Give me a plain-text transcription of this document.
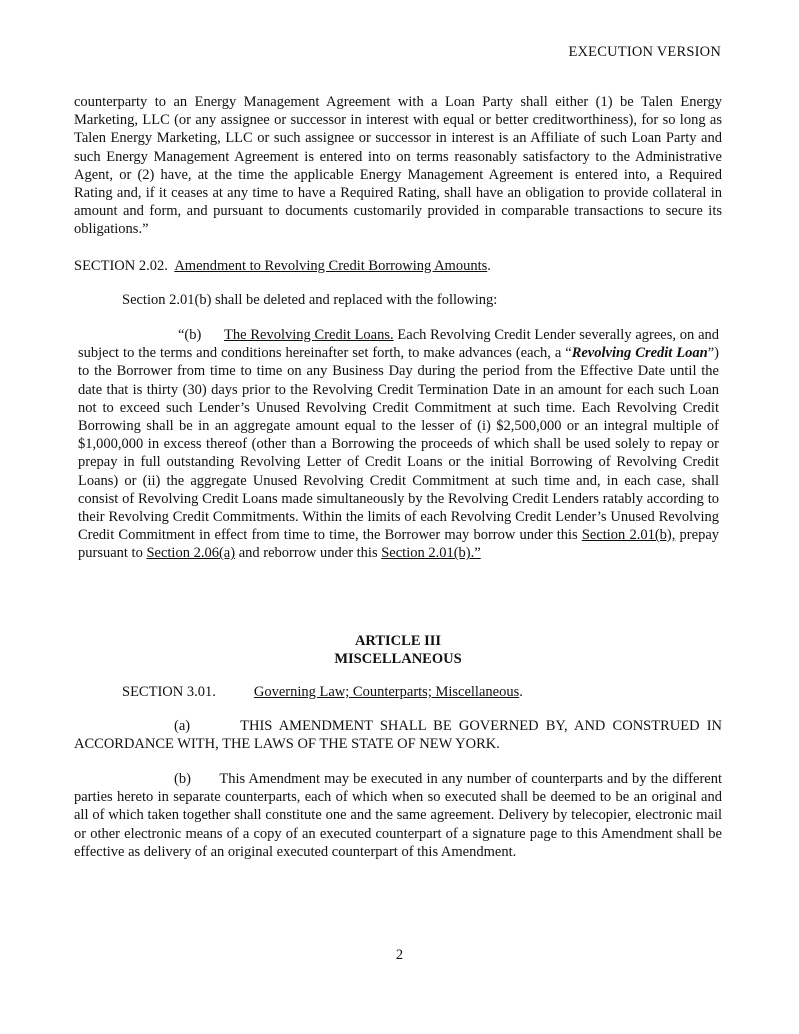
EXECUTION VERSION

counterparty to an Energy Management Agreement with a Loan Party shall either (1) be Talen Energy Marketing, LLC (or any assignee or successor in interest with equal or better creditworthiness), for so long as Talen Energy Marketing, LLC or such assignee or successor in interest is an Affiliate of such Loan Party and such Energy Management Agreement is entered into on terms reasonably satisfactory to the Administrative Agent, or (2) have, at the time the applicable Energy Management Agreement is entered into, a Required Rating and, if it ceases at any time to have a Required Rating, shall have an obligation to provide collateral in amount and form, and pursuant to documents customarily provided in comparable transactions to secure its obligations.”

SECTION 2.02. Amendment to Revolving Credit Borrowing Amounts.

Section 2.01(b) shall be deleted and replaced with the following:

“(b) The Revolving Credit Loans. Each Revolving Credit Lender severally agrees, on and subject to the terms and conditions hereinafter set forth, to make advances (each, a “Revolving Credit Loan”) to the Borrower from time to time on any Business Day during the period from the Effective Date until the date that is thirty (30) days prior to the Revolving Credit Termination Date in an amount for each such Loan not to exceed such Lender’s Unused Revolving Credit Commitment at such time. Each Revolving Credit Borrowing shall be in an aggregate amount equal to the lesser of (i) $2,500,000 or an integral multiple of $1,000,000 in excess thereof (other than a Borrowing the proceeds of which shall be used solely to repay or prepay in full outstanding Revolving Letter of Credit Loans or the initial Borrowing of Revolving Credit Loans) or (ii) the aggregate Unused Revolving Credit Commitment at such time and, in each case, shall consist of Revolving Credit Loans made simultaneously by the Revolving Credit Lenders ratably according to their Revolving Credit Commitments. Within the limits of each Revolving Credit Lender’s Unused Revolving Credit Commitment in effect from time to time, the Borrower may borrow under this Section 2.01(b), prepay pursuant to Section 2.06(a) and reborrow under this Section 2.01(b).”

ARTICLE III
MISCELLANEOUS
SECTION 3.01.	Governing Law; Counterparts; Miscellaneous.

(a)	THIS AMENDMENT SHALL BE GOVERNED BY, AND CONSTRUED IN ACCORDANCE WITH, THE LAWS OF THE STATE OF NEW YORK.

(b) This Amendment may be executed in any number of counterparts and by the different parties hereto in separate counterparts, each of which when so executed shall be deemed to be an original and all of which taken together shall constitute one and the same agreement. Delivery by telecopier, electronic mail or other electronic means of a copy of an executed counterpart of a signature page to this Amendment shall be effective as delivery of an original executed counterpart of this Amendment.

2
